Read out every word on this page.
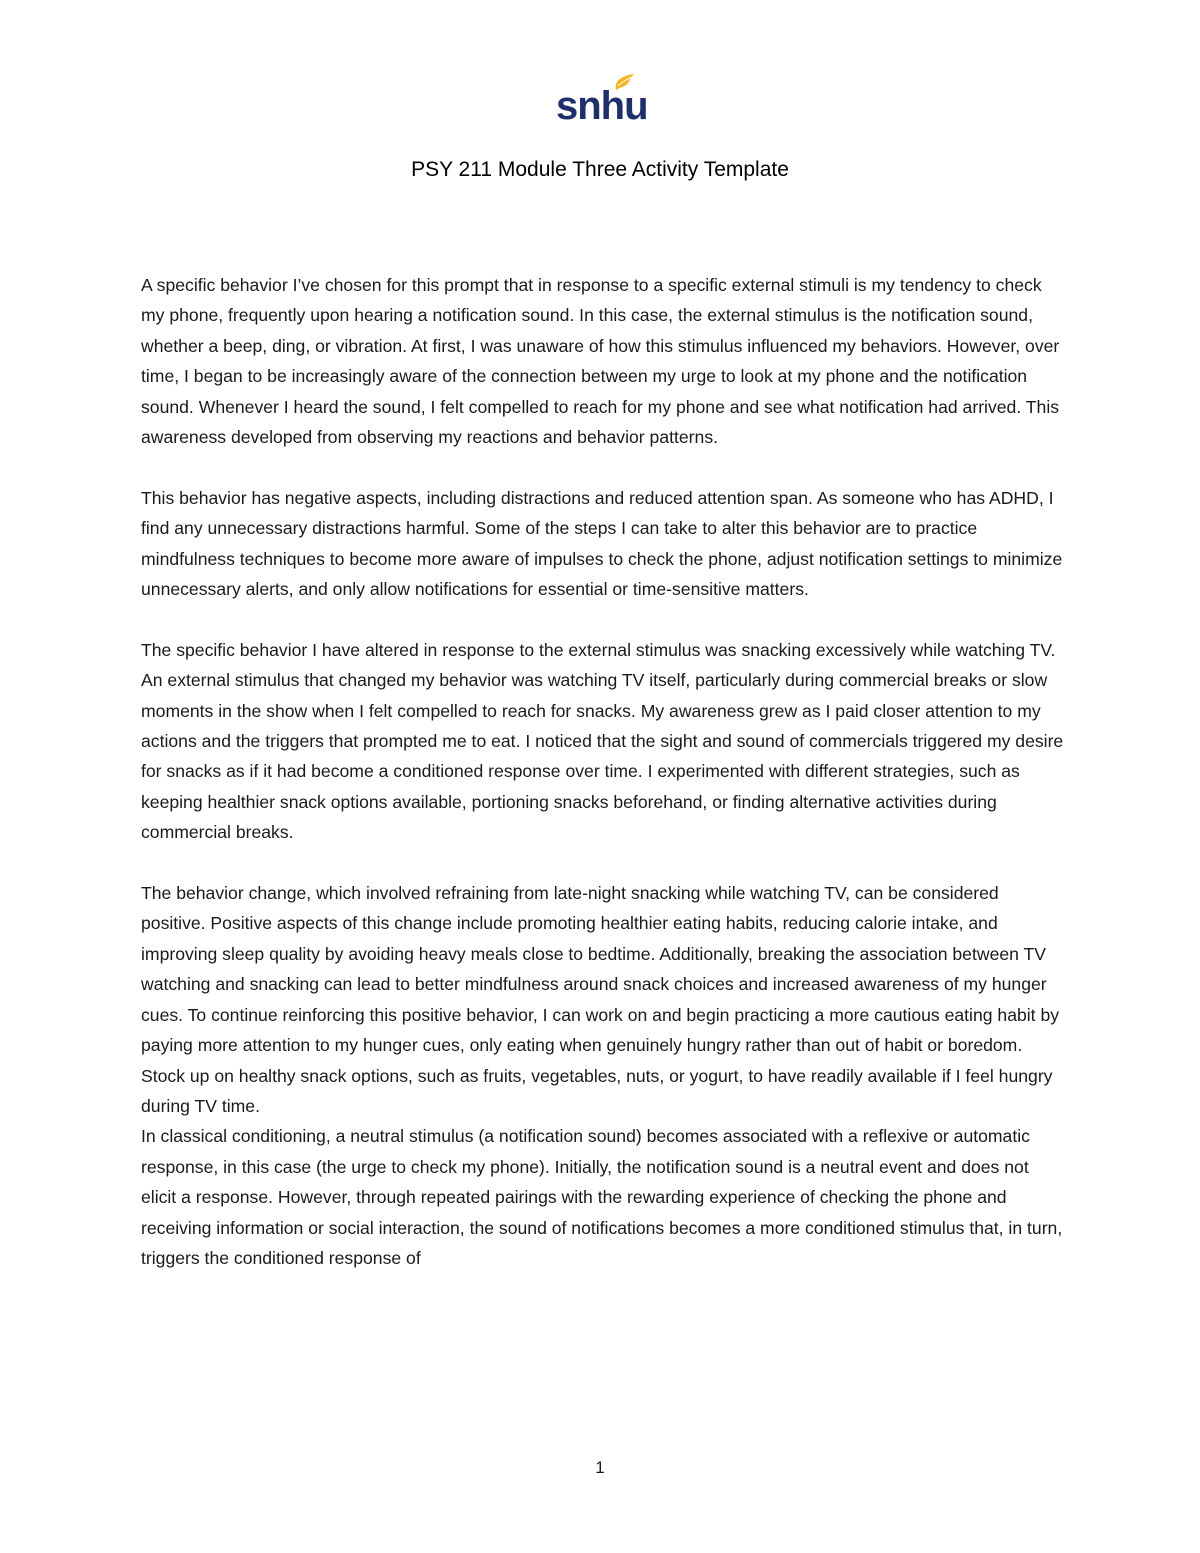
snhu
PSY 211 Module Three Activity Template

A specific behavior I’ve chosen for this prompt that in response to a specific external stimuli is my tendency to check my phone, frequently upon hearing a notification sound. In this case, the external stimulus is the notification sound, whether a beep, ding, or vibration. At first, I was unaware of how this stimulus influenced my behaviors. However, over time, I began to be increasingly aware of the connection between my urge to look at my phone and the notification sound. Whenever I heard the sound, I felt compelled to reach for my phone and see what notification had arrived. This awareness developed from observing my reactions and behavior patterns.

This behavior has negative aspects, including distractions and reduced attention span. As someone who has ADHD, I find any unnecessary distractions harmful. Some of the steps I can take to alter this behavior are to practice mindfulness techniques to become more aware of impulses to check the phone, adjust notification settings to minimize unnecessary alerts, and only allow notifications for essential or time-sensitive matters.

The specific behavior I have altered in response to the external stimulus was snacking excessively while watching TV. An external stimulus that changed my behavior was watching TV itself, particularly during commercial breaks or slow moments in the show when I felt compelled to reach for snacks. My awareness grew as I paid closer attention to my actions and the triggers that prompted me to eat. I noticed that the sight and sound of commercials triggered my desire for snacks as if it had become a conditioned response over time. I experimented with different strategies, such as keeping healthier snack options available, portioning snacks beforehand, or finding alternative activities during commercial breaks.

The behavior change, which involved refraining from late-night snacking while watching TV, can be considered positive. Positive aspects of this change include promoting healthier eating habits, reducing calorie intake, and improving sleep quality by avoiding heavy meals close to bedtime. Additionally, breaking the association between TV watching and snacking can lead to better mindfulness around snack choices and increased awareness of my hunger cues. To continue reinforcing this positive behavior, I can work on and begin practicing a more cautious eating habit by paying more attention to my hunger cues, only eating when genuinely hungry rather than out of habit or boredom. Stock up on healthy snack options, such as fruits, vegetables, nuts, or yogurt, to have readily available if I feel hungry during TV time.

In classical conditioning, a neutral stimulus (a notification sound) becomes associated with a reflexive or automatic response, in this case (the urge to check my phone). Initially, the notification sound is a neutral event and does not elicit a response. However, through repeated pairings with the rewarding experience of checking the phone and receiving information or social interaction, the sound of notifications becomes a more conditioned stimulus that, in turn, triggers the conditioned response of

1
